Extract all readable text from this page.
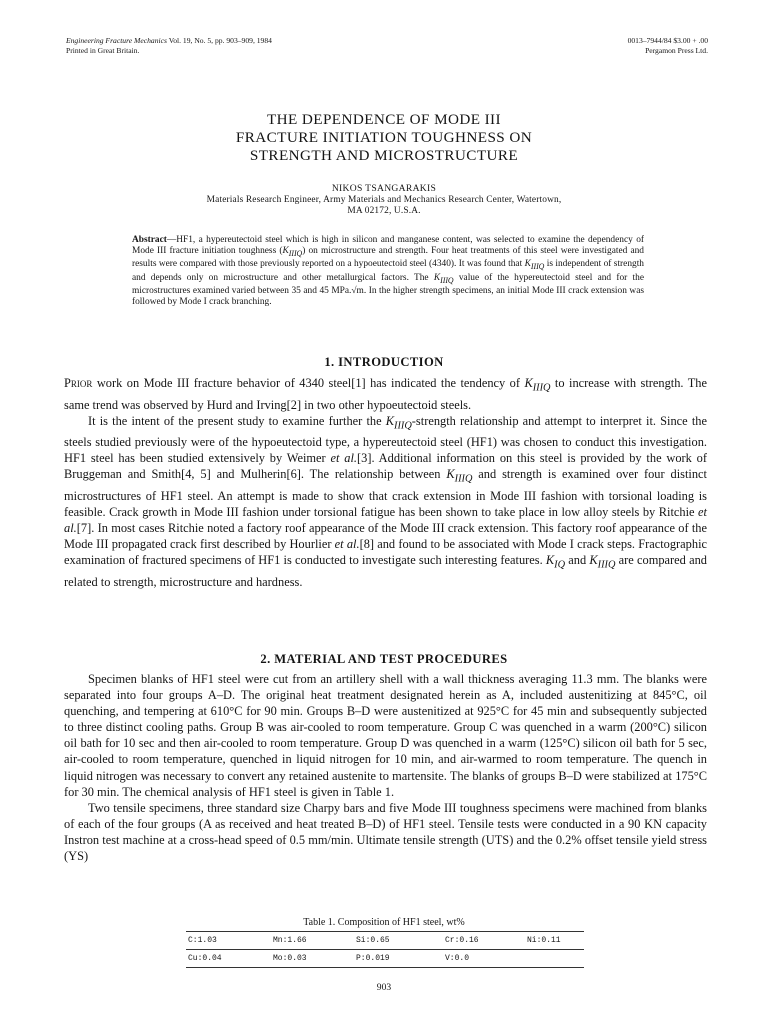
Engineering Fracture Mechanics Vol. 19, No. 5, pp. 903–909, 1984
Printed in Great Britain.
0013–7944/84 $3.00 + .00
Pergamon Press Ltd.
THE DEPENDENCE OF MODE III
FRACTURE INITIATION TOUGHNESS ON
STRENGTH AND MICROSTRUCTURE
NIKOS TSANGARAKIS
Materials Research Engineer, Army Materials and Mechanics Research Center, Watertown,
MA 02172, U.S.A.
Abstract—HF1, a hypereutectoid steel which is high in silicon and manganese content, was selected to examine the dependency of Mode III fracture initiation toughness $(K_{IIIQ})$ on microstructure and strength. Four heat treatments of this steel were investigated and results were compared with those previously reported on a hypoeutectoid steel (4340). It was found that $K_{IIIQ}$ is independent of strength and depends only on microstructure and other metallurgical factors. The $K_{IIIQ}$ value of the hypereutectoid steel and for the microstructures examined varied between 35 and 45 MPa.√m. In the higher strength specimens, an initial Mode III crack extension was followed by Mode I crack branching.
1. INTRODUCTION

Prior work on Mode III fracture behavior of 4340 steel[1] has indicated the tendency of $K_{IIIQ}$ to increase with strength. The same trend was observed by Hurd and Irving[2] in two other hypoeutectoid steels.

It is the intent of the present study to examine further the $K_{IIIQ}$-strength relationship and attempt to interpret it. Since the steels studied previously were of the hypoeutectoid type, a hypereutectoid steel (HF1) was chosen to conduct this investigation. HF1 steel has been studied extensively by Weimer et al.[3]. Additional information on this steel is provided by the work of Bruggeman and Smith[4, 5] and Mulherin[6]. The relationship between $K_{IIIQ}$ and strength is examined over four distinct microstructures of HF1 steel. An attempt is made to show that crack extension in Mode III fashion with torsional loading is feasible. Crack growth in Mode III fashion under torsional fatigue has been shown to take place in low alloy steels by Ritchie et al.[7]. In most cases Ritchie noted a factory roof appearance of the Mode III crack extension. This factory roof appearance of the Mode III propagated crack first described by Hourlier et al.[8] and found to be associated with Mode I crack steps. Fractographic examination of fractured specimens of HF1 is conducted to investigate such interesting features. $K_{IQ}$ and $K_{IIIQ}$ are compared and related to strength, microstructure and hardness.

2. MATERIAL AND TEST PROCEDURES

Specimen blanks of HF1 steel were cut from an artillery shell with a wall thickness averaging 11.3 mm. The blanks were separated into four groups A–D. The original heat treatment designated herein as A, included austenitizing at 845°C, oil quenching, and tempering at 610°C for 90 min. Groups B–D were austenitized at 925°C for 45 min and subsequently subjected to three distinct cooling paths. Group B was air-cooled to room temperature. Group C was quenched in a warm (200°C) silicon oil bath for 10 sec and then air-cooled to room temperature. Group D was quenched in a warm (125°C) silicon oil bath for 5 sec, air-cooled to room temperature, quenched in liquid nitrogen for 10 min, and air-warmed to room temperature. The quench in liquid nitrogen was necessary to convert any retained austenite to martensite. The blanks of groups B–D were stabilized at 175°C for 30 min. The chemical analysis of HF1 steel is given in Table 1.

Two tensile specimens, three standard size Charpy bars and five Mode III toughness specimens were machined from blanks of each of the four groups (A as received and heat treated B–D) of HF1 steel. Tensile tests were conducted in a 90 KN capacity Instron test machine at a cross-head speed of 0.5 mm/min. Ultimate tensile strength (UTS) and the 0.2% offset tensile yield stress (YS)

Table 1. Composition of HF1 steel, wt%
C:1.03	Mn:1.66	Si:0.65	Cr:0.16	Ni:0.11
Cu:0.04	Mo:0.03	P:0.019	V:0.0
903
